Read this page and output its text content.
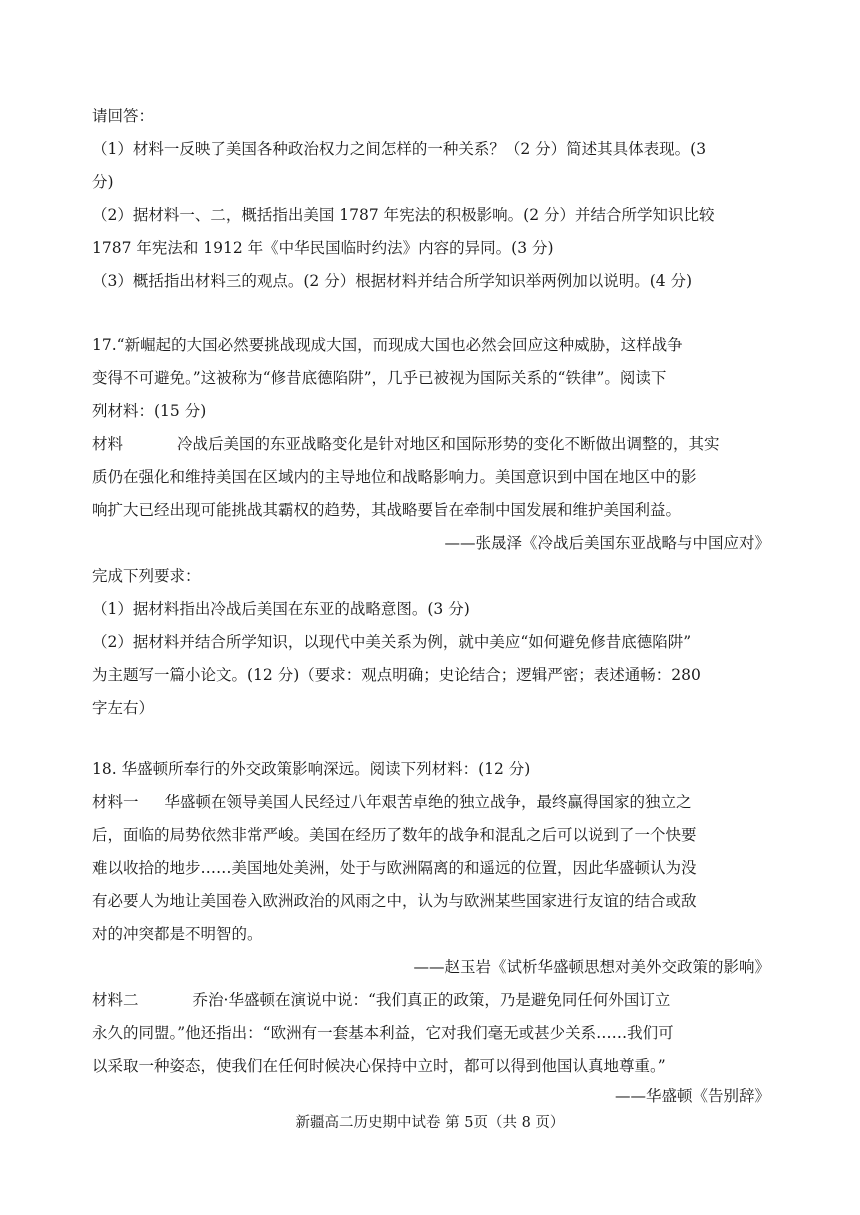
请回答：
（1）材料一反映了美国各种政治权力之间怎样的一种关系？（2 分）简述其具体表现。(3
分)
（2）据材料一、二，概括指出美国 1787 年宪法的积极影响。(2 分）并结合所学知识比较
1787 年宪法和 1912 年《中华民国临时约法》内容的异同。(3 分)
（3）概括指出材料三的观点。(2 分）根据材料并结合所学知识举两例加以说明。(4 分)
17.“新崛起的大国必然要挑战现成大国，而现成大国也必然会回应这种威胁，这样战争
变得不可避免。”这被称为“修昔底德陷阱”，几乎已被视为国际关系的“铁律”。阅读下
列材料：(15 分)
材料	冷战后美国的东亚战略变化是针对地区和国际形势的变化不断做出调整的，其实
质仍在强化和维持美国在区域内的主导地位和战略影响力。美国意识到中国在地区中的影
响扩大已经出现可能挑战其霸权的趋势，其战略要旨在牵制中国发展和维护美国利益。
——张晟泽《冷战后美国东亚战略与中国应对》
完成下列要求：
（1）据材料指出冷战后美国在东亚的战略意图。(3 分)
（2）据材料并结合所学知识，以现代中美关系为例，就中美应“如何避免修昔底德陷阱”
为主题写一篇小论文。(12 分)（要求：观点明确；史论结合；逻辑严密；表述通畅：280
字左右）
18. 华盛顿所奉行的外交政策影响深远。阅读下列材料：(12 分)
材料一 华盛顿在领导美国人民经过八年艰苦卓绝的独立战争，最终赢得国家的独立之
后，面临的局势依然非常严峻。美国在经历了数年的战争和混乱之后可以说到了一个快要
难以收拾的地步……美国地处美洲，处于与欧洲隔离的和遥远的位置，因此华盛顿认为没
有必要人为地让美国卷入欧洲政治的风雨之中，认为与欧洲某些国家进行友谊的结合或敌
对的冲突都是不明智的。
——赵玉岩《试析华盛顿思想对美外交政策的影响》
材料二	乔治·华盛顿在演说中说：“我们真正的政策，乃是避免同任何外国订立
永久的同盟。”他还指出：“欧洲有一套基本利益，它对我们毫无或甚少关系……我们可
以采取一种姿态，使我们在任何时候决心保持中立时，都可以得到他国认真地尊重。”
——华盛顿《告别辞》
新疆高二历史期中试卷 第 5页（共 8 页）
